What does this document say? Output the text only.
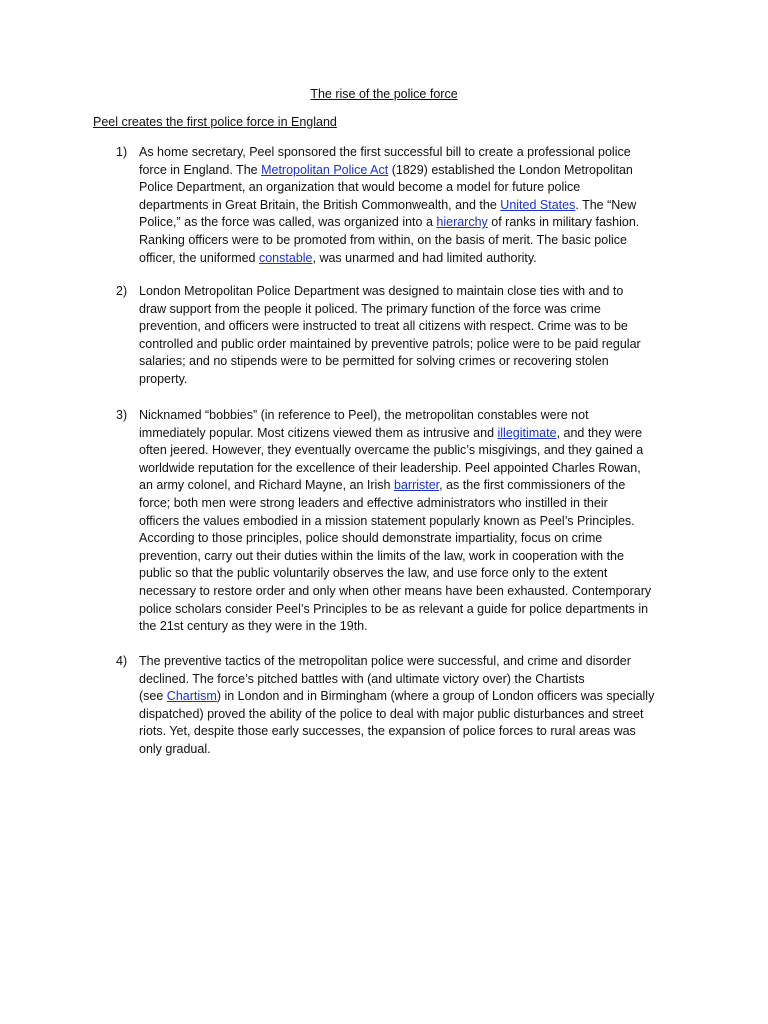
The rise of the police force
Peel creates the first police force in England
1) As home secretary, Peel sponsored the first successful bill to create a professional police
force in England. The Metropolitan Police Act (1829) established the London Metropolitan
Police Department, an organization that would become a model for future police
departments in Great Britain, the British Commonwealth, and the United States. The “New
Police,” as the force was called, was organized into a hierarchy of ranks in military fashion.
Ranking officers were to be promoted from within, on the basis of merit. The basic police
officer, the uniformed constable, was unarmed and had limited authority.
2) London Metropolitan Police Department was designed to maintain close ties with and to
draw support from the people it policed. The primary function of the force was crime
prevention, and officers were instructed to treat all citizens with respect. Crime was to be
controlled and public order maintained by preventive patrols; police were to be paid regular
salaries; and no stipends were to be permitted for solving crimes or recovering stolen
property.
3) Nicknamed “bobbies” (in reference to Peel), the metropolitan constables were not
immediately popular. Most citizens viewed them as intrusive and illegitimate, and they were
often jeered. However, they eventually overcame the public’s misgivings, and they gained a
worldwide reputation for the excellence of their leadership. Peel appointed Charles Rowan,
an army colonel, and Richard Mayne, an Irish barrister, as the first commissioners of the
force; both men were strong leaders and effective administrators who instilled in their
officers the values embodied in a mission statement popularly known as Peel’s Principles.
According to those principles, police should demonstrate impartiality, focus on crime
prevention, carry out their duties within the limits of the law, work in cooperation with the
public so that the public voluntarily observes the law, and use force only to the extent
necessary to restore order and only when other means have been exhausted. Contemporary
police scholars consider Peel’s Principles to be as relevant a guide for police departments in
the 21st century as they were in the 19th.
4) The preventive tactics of the metropolitan police were successful, and crime and disorder
declined. The force’s pitched battles with (and ultimate victory over) the Chartists
(see Chartism) in London and in Birmingham (where a group of London officers was specially
dispatched) proved the ability of the police to deal with major public disturbances and street
riots. Yet, despite those early successes, the expansion of police forces to rural areas was
only gradual.
